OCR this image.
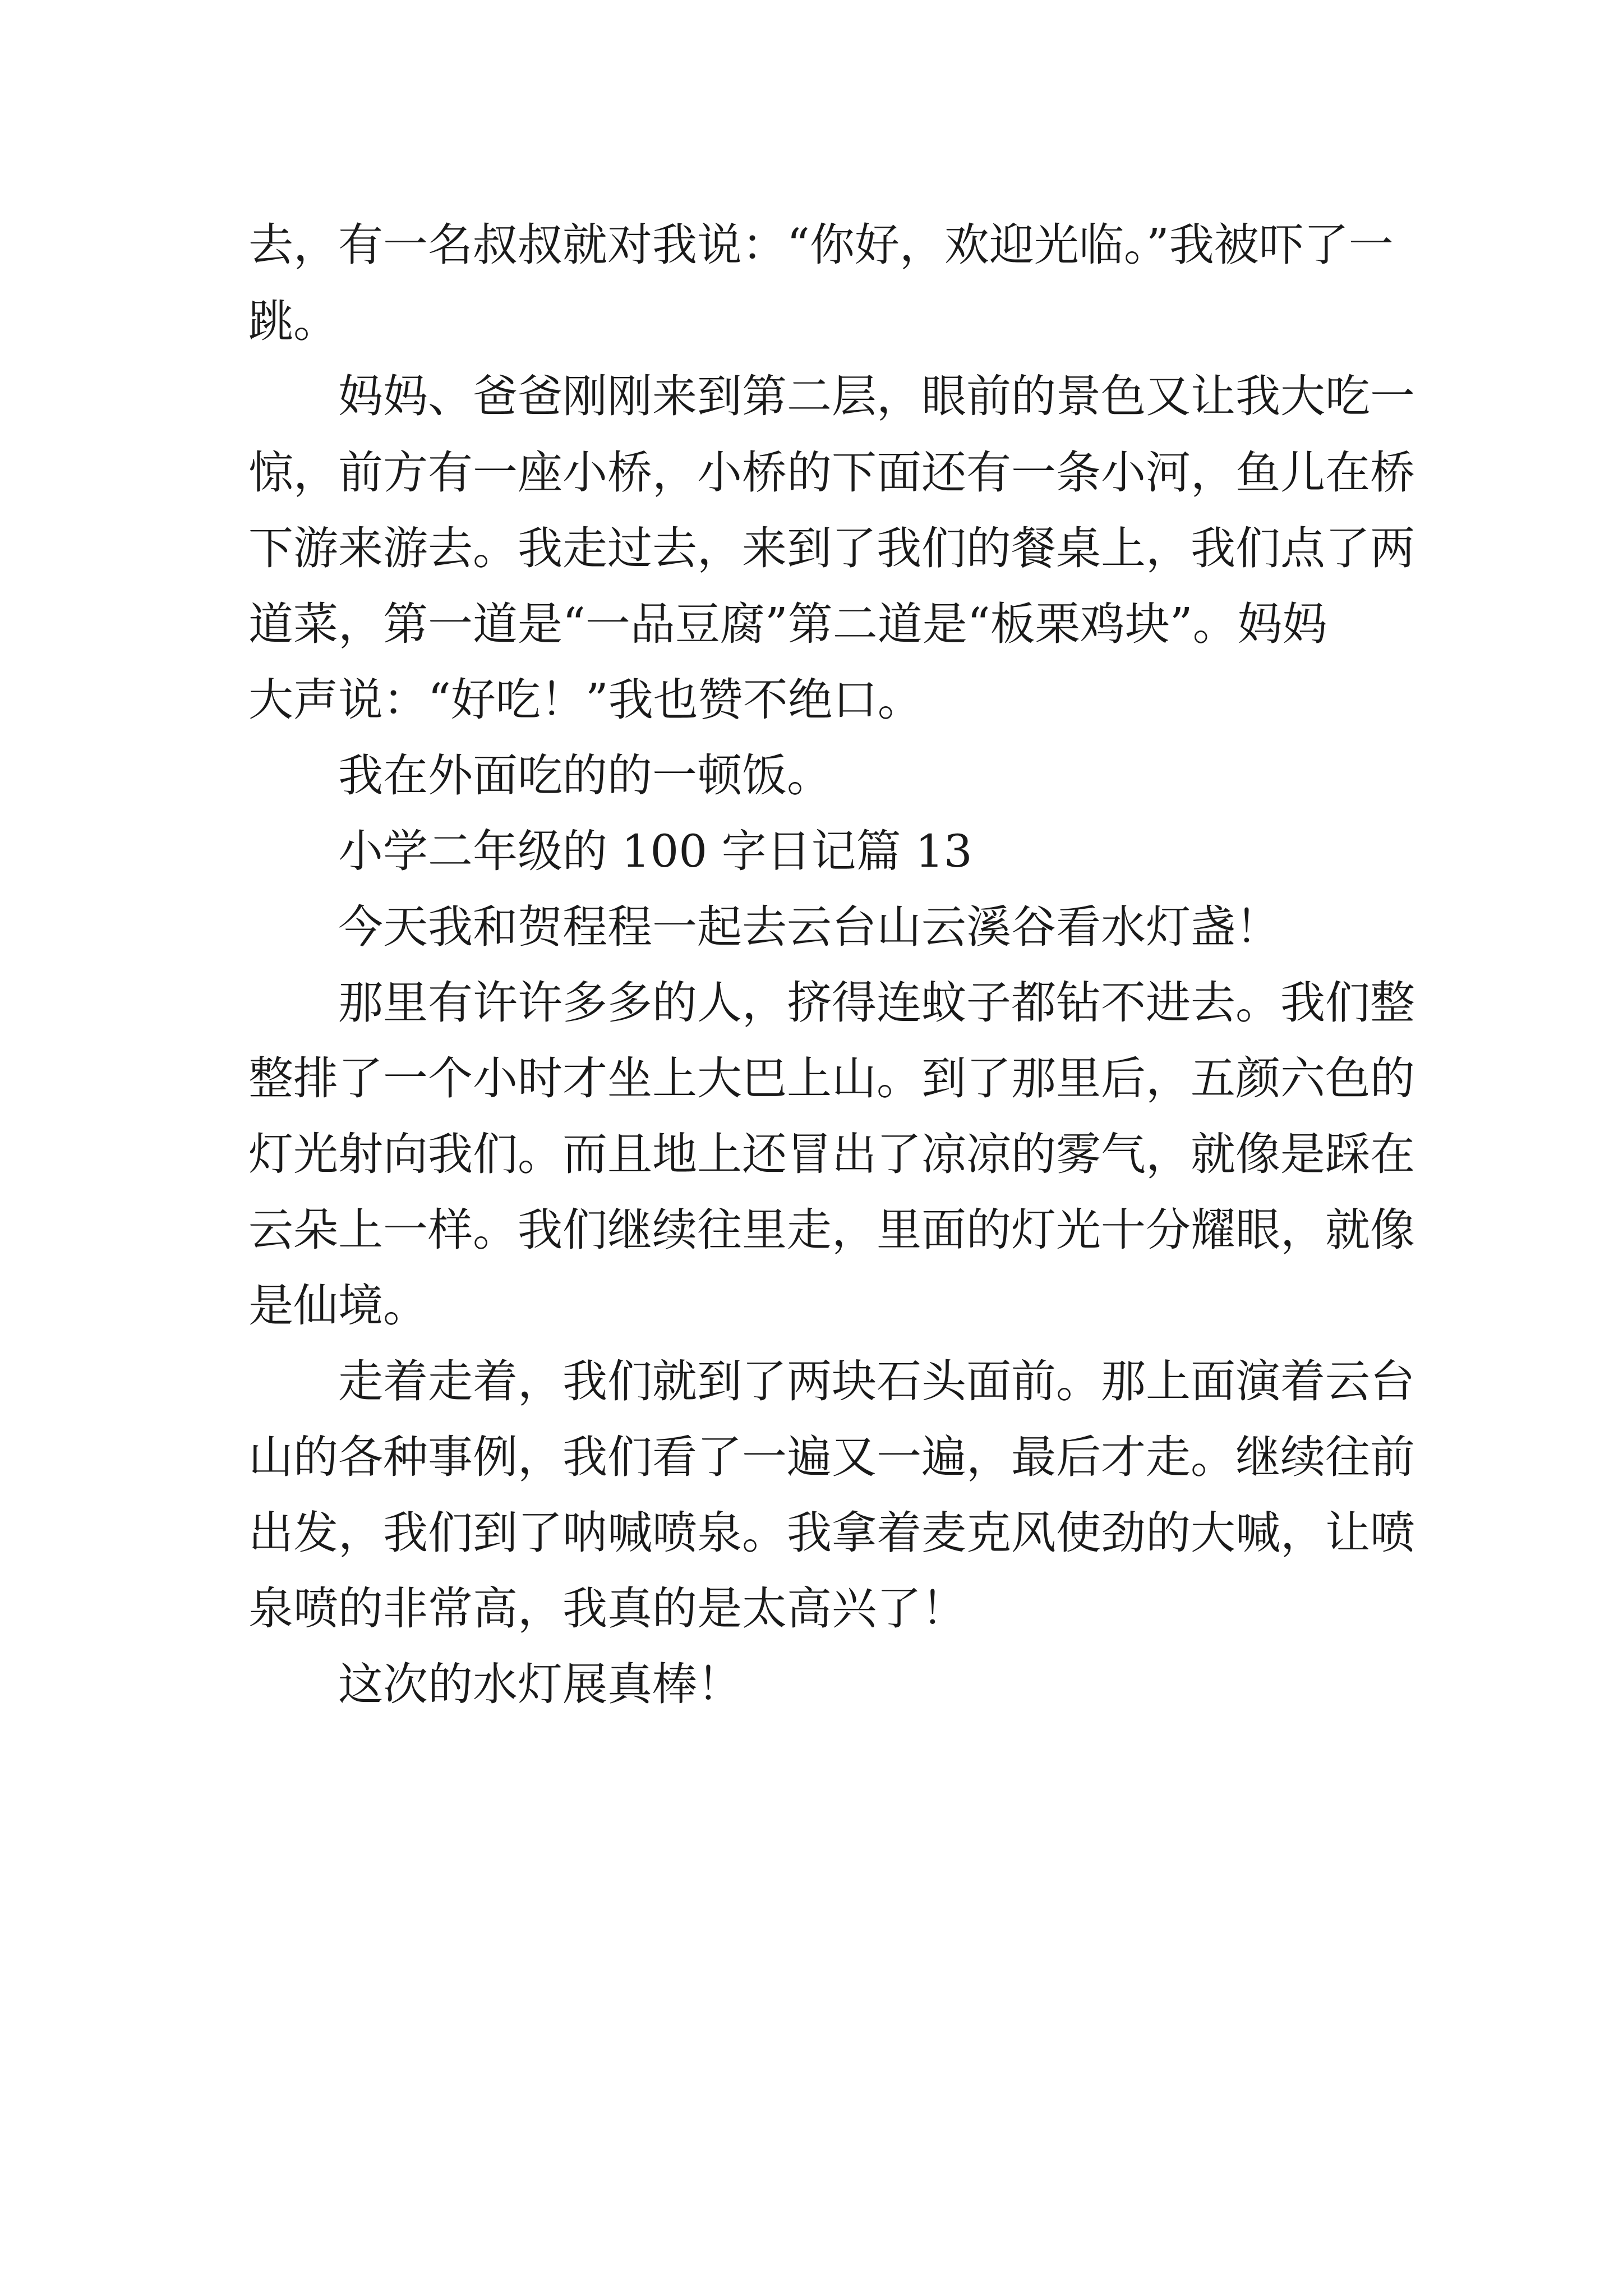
去，有一名叔叔就对我说：“你好，欢迎光临。”我被吓了一
跳。
妈妈、爸爸刚刚来到第二层，眼前的景色又让我大吃一
惊，前方有一座小桥，小桥的下面还有一条小河，鱼儿在桥
下游来游去。我走过去，来到了我们的餐桌上，我们点了两
道菜，第一道是“一品豆腐”第二道是“板栗鸡块”。妈妈
大声说：“好吃！”我也赞不绝口。
我在外面吃的的一顿饭。
小学二年级的 100 字日记篇 13
今天我和贺程程一起去云台山云溪谷看水灯盏！
那里有许许多多的人，挤得连蚊子都钻不进去。我们整
整排了一个小时才坐上大巴上山。到了那里后，五颜六色的
灯光射向我们。而且地上还冒出了凉凉的雾气，就像是踩在
云朵上一样。我们继续往里走，里面的灯光十分耀眼，就像
是仙境。
走着走着，我们就到了两块石头面前。那上面演着云台
山的各种事例，我们看了一遍又一遍，最后才走。继续往前
出发，我们到了呐喊喷泉。我拿着麦克风使劲的大喊，让喷
泉喷的非常高，我真的是太高兴了！
这次的水灯展真棒！
